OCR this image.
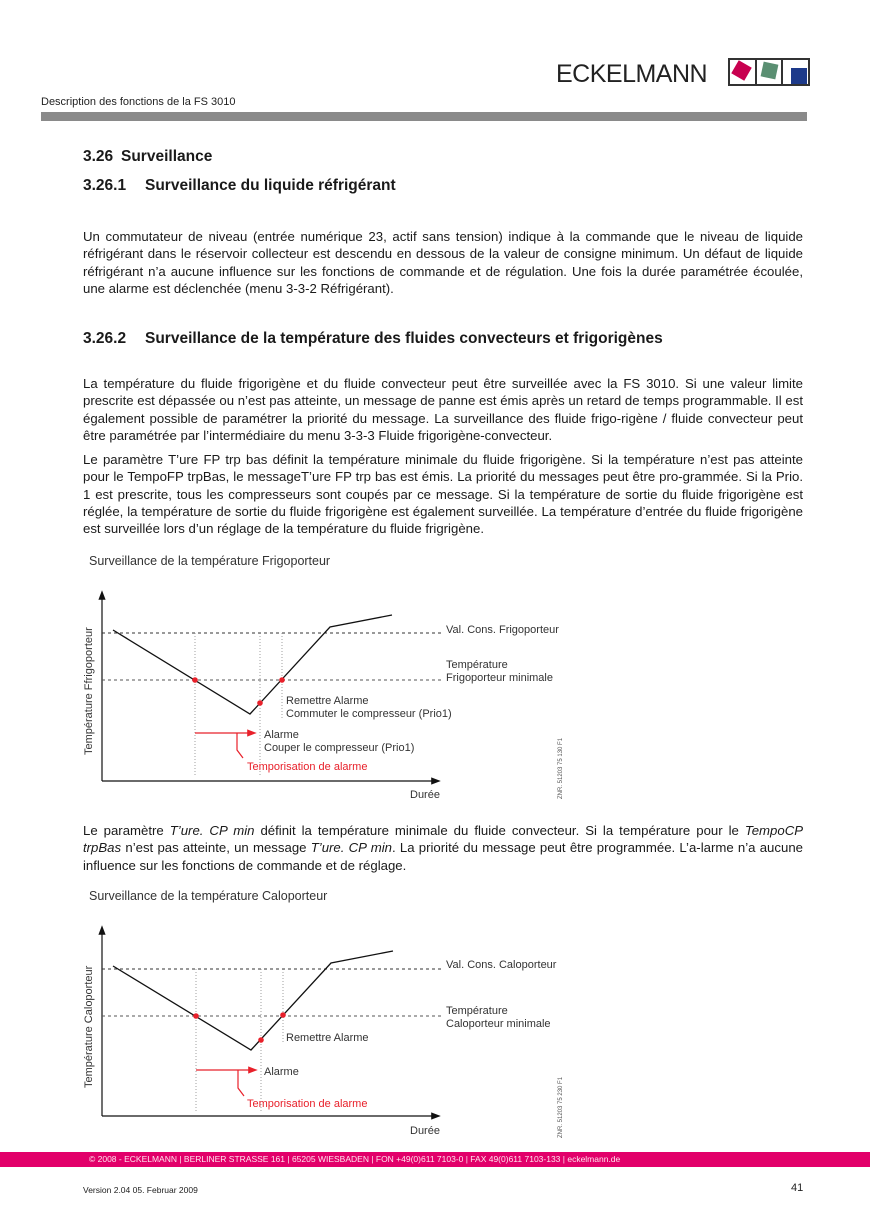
ECKELMANN
Description des fonctions de la FS 3010
3.26 Surveillance
3.26.1 Surveillance du liquide réfrigérant
Un commutateur de niveau (entrée numérique 23, actif sans tension) indique à la commande que le niveau de liquide réfrigérant dans le réservoir collecteur est descendu en dessous de la valeur de consigne minimum. Un défaut de liquide réfrigérant n’a aucune influence sur les fonctions de commande et de régulation. Une fois la durée paramétrée écoulée, une alarme est déclenchée (menu 3-3-2 Réfrigérant).
3.26.2 Surveillance de la température des fluides convecteurs et frigorigènes
La température du fluide frigorigène et du fluide convecteur peut être surveillée avec la FS 3010. Si une valeur limite prescrite est dépassée ou n’est pas atteinte, un message de panne est émis après un retard de temps programmable. Il est également possible de paramétrer la priorité du message. La surveillance des fluide frigo-rigène / fluide convecteur peut être paramétrée par l’intermédiaire du menu 3-3-3 Fluide frigorigène-convecteur.
Le paramètre T’ure FP trp bas définit la température minimale du fluide frigorigène. Si la température n’est pas atteinte pour le TempoFP trpBas, le messageT’ure FP trp bas est émis. La priorité du messages peut être pro-grammée. Si la Prio. 1 est prescrite, tous les compresseurs sont coupés par ce message. Si la température de sortie du fluide frigorigène est réglée, la température de sortie du fluide frigorigène est également surveillée. La température d’entrée du fluide frigorigène est surveillée lors d’un réglage de la température du fluide frigrigène.
Surveillance de la température Frigoporteur
Température Ffrigoporteur
Durée
Val. Cons. Frigoporteur
Température
Frigoporteur minimale
Remettre Alarme
Commuter le compresseur (Prio1)
Alarme
Couper le compresseur (Prio1)
Temporisation de alarme	ZNR. 51203 75 130 F1
Le paramètre T’ure. CP min définit la température minimale du fluide convecteur. Si la température pour le TempoCP trpBas n’est pas atteinte, un message T’ure. CP min. La priorité du message peut être programmée. L’a-larme n’a aucune influence sur les fonctions de commande et de réglage.
Surveillance de la température Caloporteur
Température Caloporteur
Durée
Val. Cons. Caloporteur
Température
Caloporteur minimale
Remettre Alarme
Alarme
Temporisation de alarme	ZNR. 51203 75 230 F1
© 2008 - ECKELMANN | BERLINER STRASSE 161 | 65205 WIESBADEN | FON +49(0)611 7103-0 | FAX 49(0)611 7103-133 | eckelmann.de
Version 2.04 05. Februar 2009	41
